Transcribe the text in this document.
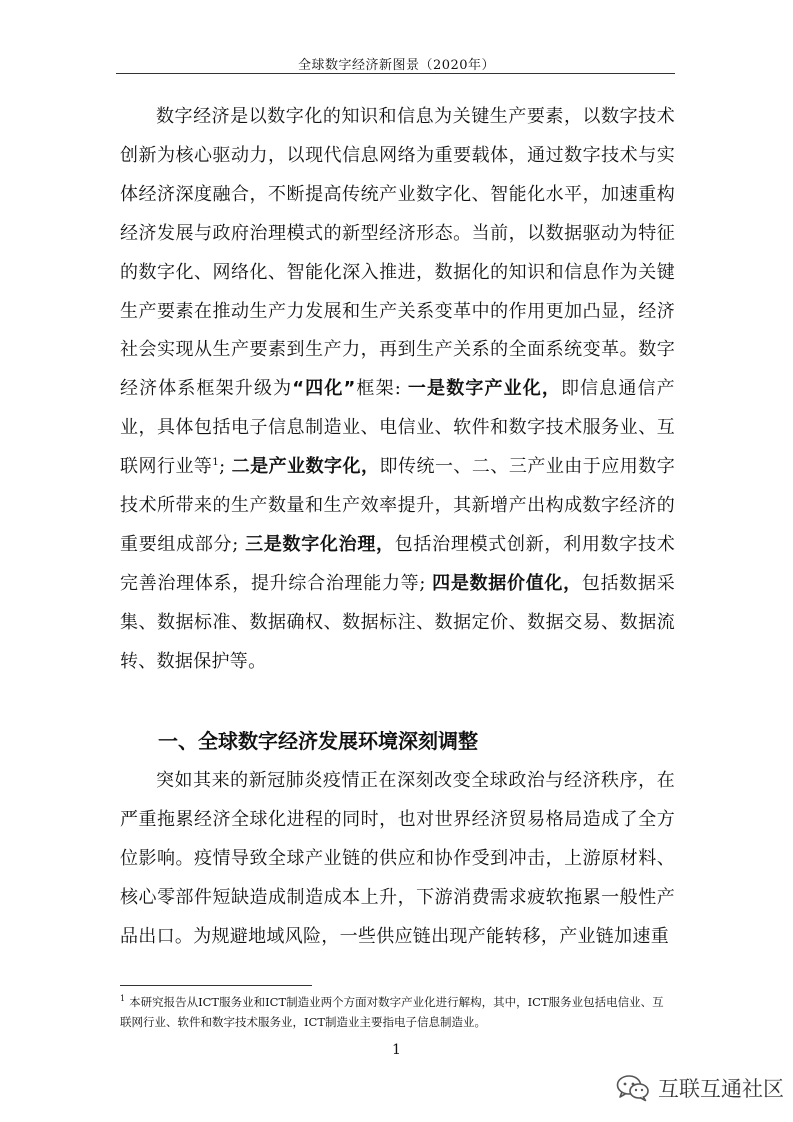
全球数字经济新图景（2020年）

数字经济是以数字化的知识和信息为关键生产要素，以数字技术创新为核心驱动力，以现代信息网络为重要载体，通过数字技术与实体经济深度融合，不断提高传统产业数字化、智能化水平，加速重构经济发展与政府治理模式的新型经济形态。当前，以数据驱动为特征的数字化、网络化、智能化深入推进，数据化的知识和信息作为关键生产要素在推动生产力发展和生产关系变革中的作用更加凸显，经济社会实现从生产要素到生产力，再到生产关系的全面系统变革。数字经济体系框架升级为“四化”框架: 一是数字产业化，即信息通信产业，具体包括电子信息制造业、电信业、软件和数字技术服务业、互联网行业等$^1$; 二是产业数字化，即传统一、二、三产业由于应用数字技术所带来的生产数量和生产效率提升，其新增产出构成数字经济的重要组成部分; 三是数字化治理，包括治理模式创新，利用数字技术完善治理体系，提升综合治理能力等; 四是数据价值化，包括数据采集、数据标准、数据确权、数据标注、数据定价、数据交易、数据流转、数据保护等。

一、全球数字经济发展环境深刻调整

突如其来的新冠肺炎疫情正在深刻改变全球政治与经济秩序，在严重拖累经济全球化进程的同时，也对世界经济贸易格局造成了全方位影响。疫情导致全球产业链的供应和协作受到冲击，上游原材料、核心零部件短缺造成制造成本上升，下游消费需求疲软拖累一般性产品出口。为规避地域风险，一些供应链出现产能转移，产业链加速重

$^1$ 本研究报告从ICT服务业和ICT制造业两个方面对数字产业化进行解构，其中，ICT服务业包括电信业、互联网行业、软件和数字技术服务业，ICT制造业主要指电子信息制造业。
1
互联互通社区
